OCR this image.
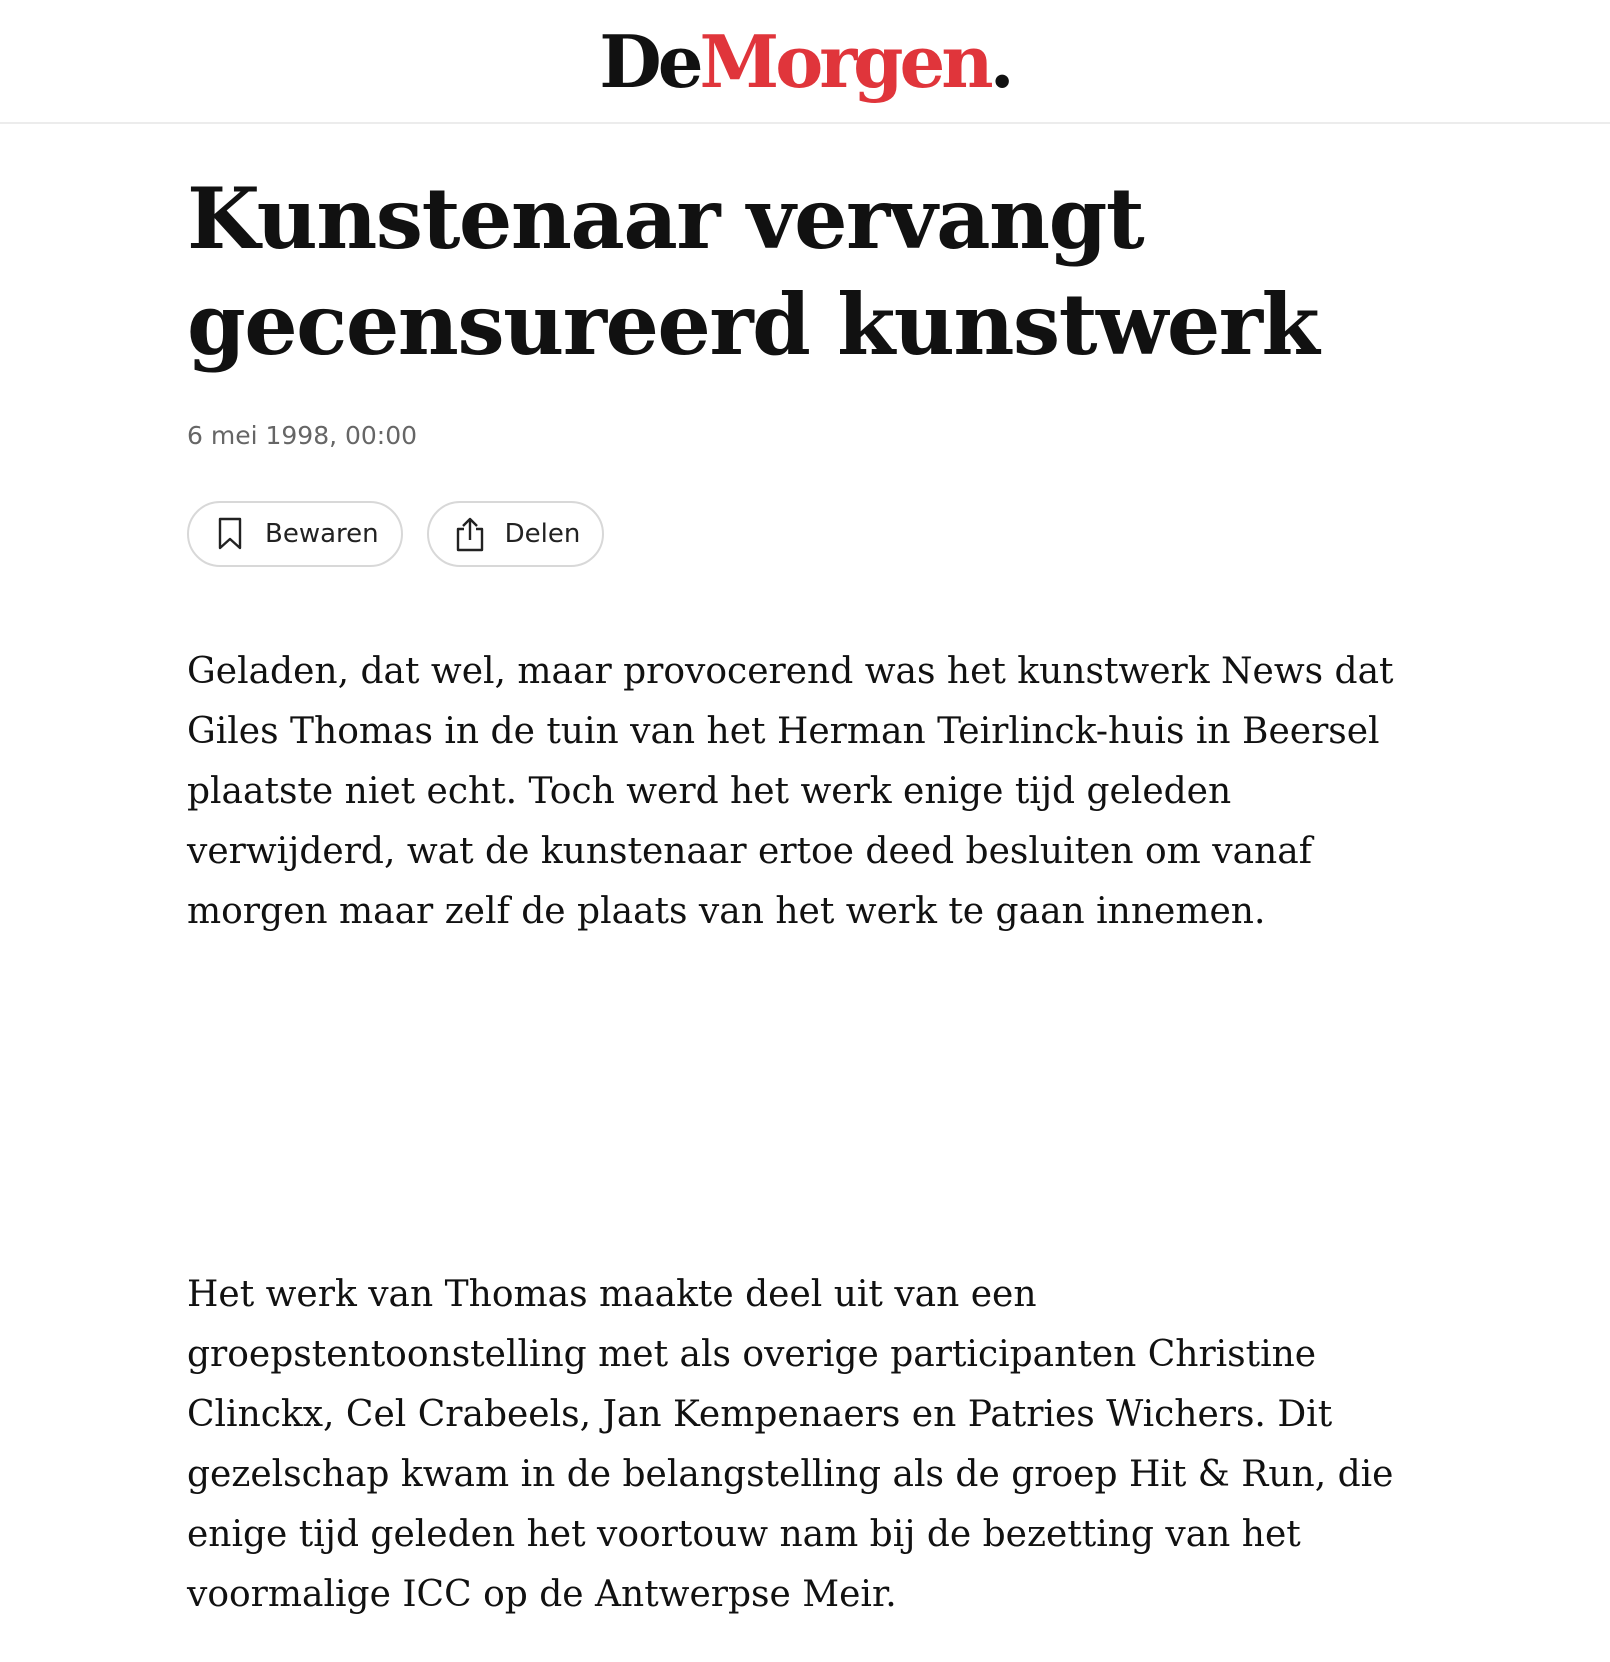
DeMorgen.
Kunstenaar vervangt gecensureerd kunstwerk
6 mei 1998, 00:00
Bewaren	Delen

Geladen, dat wel, maar provocerend was het kunstwerk News dat Giles Thomas in de tuin van het Herman Teirlinck-huis in Beersel plaatste niet echt. Toch werd het werk enige tijd geleden verwijderd, wat de kunstenaar ertoe deed besluiten om vanaf morgen maar zelf de plaats van het werk te gaan innemen.

Het werk van Thomas maakte deel uit van een groepstentoonstelling met als overige participanten Christine Clinckx, Cel Crabeels, Jan Kempenaers en Patries Wichers. Dit gezelschap kwam in de belangstelling als de groep Hit & Run, die enige tijd geleden het voortouw nam bij de bezetting van het voormalige ICC op de Antwerpse Meir.
